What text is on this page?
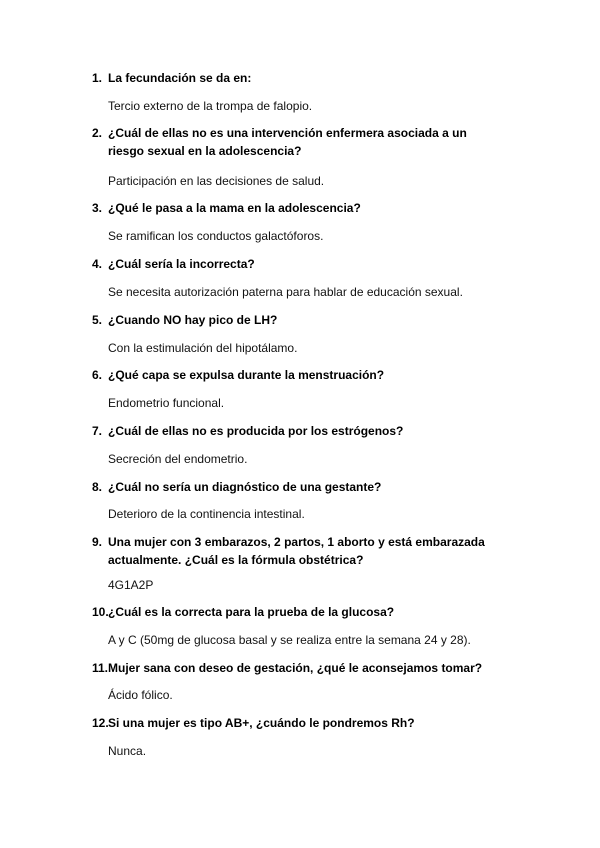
1. La fecundación se da en:
Tercio externo de la trompa de falopio.
2. ¿Cuál de ellas no es una intervención enfermera asociada a un riesgo sexual en la adolescencia?
Participación en las decisiones de salud.
3. ¿Qué le pasa a la mama en la adolescencia?
Se ramifican los conductos galactóforos.
4. ¿Cuál sería la incorrecta?
Se necesita autorización paterna para hablar de educación sexual.
5. ¿Cuando NO hay pico de LH?
Con la estimulación del hipotálamo.
6. ¿Qué capa se expulsa durante la menstruación?
Endometrio funcional.
7. ¿Cuál de ellas no es producida por los estrógenos?
Secreción del endometrio.
8. ¿Cuál no sería un diagnóstico de una gestante?
Deterioro de la continencia intestinal.
9. Una mujer con 3 embarazos, 2 partos, 1 aborto y está embarazada actualmente. ¿Cuál es la fórmula obstétrica?
4G1A2P
10. ¿Cuál es la correcta para la prueba de la glucosa?
A y C (50mg de glucosa basal y se realiza entre la semana 24 y 28).
11. Mujer sana con deseo de gestación, ¿qué le aconsejamos tomar?
Ácido fólico.
12. Si una mujer es tipo AB+, ¿cuándo le pondremos Rh?
Nunca.
